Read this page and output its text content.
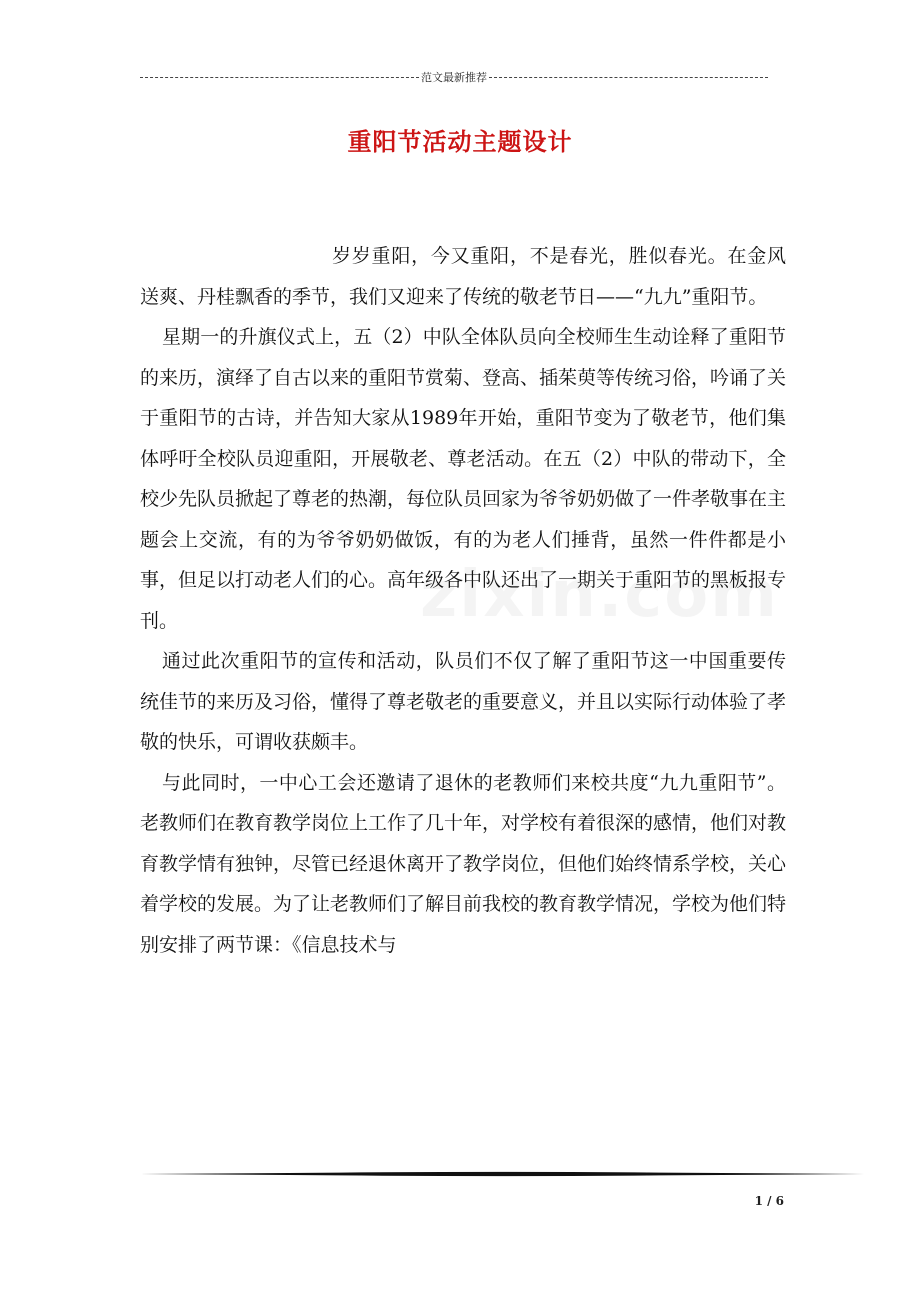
范文最新推荐
重阳节活动主题设计

岁岁重阳，今又重阳，不是春光，胜似春光。在金风送爽、丹桂飘香的季节，我们又迎来了传统的敬老节日——“九九”重阳节。

星期一的升旗仪式上，五（2）中队全体队员向全校师生生动诠释了重阳节的来历，演绎了自古以来的重阳节赏菊、登高、插茱萸等传统习俗，吟诵了关于重阳节的古诗，并告知大家从1989年开始，重阳节变为了敬老节，他们集体呼吁全校队员迎重阳，开展敬老、尊老活动。在五（2）中队的带动下，全校少先队员掀起了尊老的热潮，每位队员回家为爷爷奶奶做了一件孝敬事在主题会上交流，有的为爷爷奶奶做饭，有的为老人们捶背，虽然一件件都是小事，但足以打动老人们的心。高年级各中队还出了一期关于重阳节的黑板报专刊。

通过此次重阳节的宣传和活动，队员们不仅了解了重阳节这一中国重要传统佳节的来历及习俗，懂得了尊老敬老的重要意义，并且以实际行动体验了孝敬的快乐，可谓收获颇丰。

与此同时，一中心工会还邀请了退休的老教师们来校共度“九九重阳节”。老教师们在教育教学岗位上工作了几十年，对学校有着很深的感情，他们对教育教学情有独钟，尽管已经退休离开了教学岗位，但他们始终情系学校，关心着学校的发展。为了让老教师们了解目前我校的教育教学情况，学校为他们特别安排了两节课：《信息技术与

1 / 6
